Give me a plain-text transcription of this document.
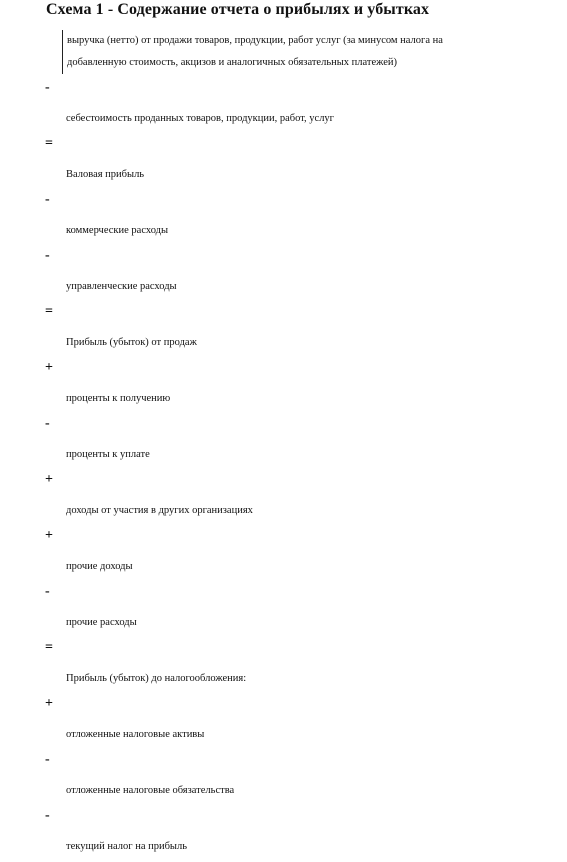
Схема 1 - Содержание отчета о прибылях и убытках
выручка (нетто) от продажи товаров, продукции, работ услуг (за минусом налога на
добавленную стоимость, акцизов и аналогичных обязательных платежей)
-
себестоимость проданных товаров, продукции, работ, услуг
=
Валовая прибыль
-
коммерческие расходы
-
управленческие расходы
=
Прибыль (убыток) от продаж
+
проценты к получению
-
проценты к уплате
+
доходы от участия в других организациях
+
прочие доходы
-
прочие расходы
=
Прибыль (убыток) до налогообложения:
+
отложенные налоговые активы
-
отложенные налоговые обязательства
-
текущий налог на прибыль
